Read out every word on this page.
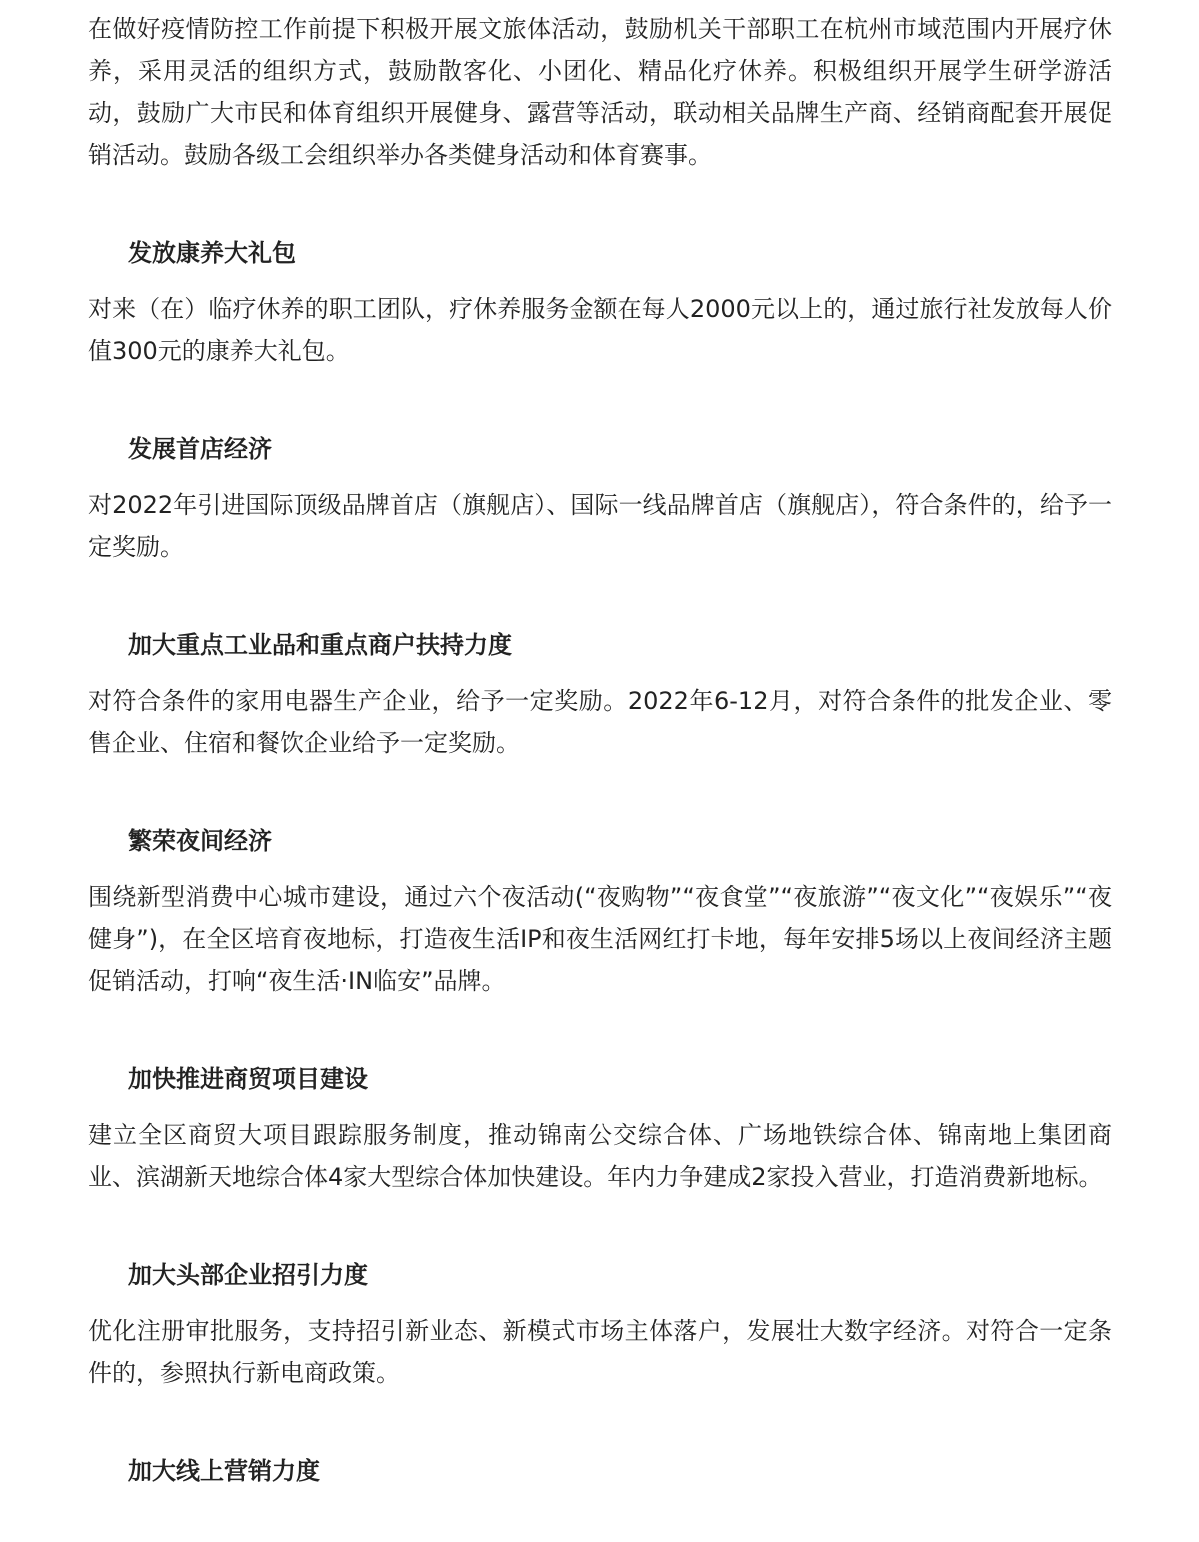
在做好疫情防控工作前提下积极开展文旅体活动，鼓励机关干部职工在杭州市域范围内开展疗休养，采用灵活的组织方式，鼓励散客化、小团化、精品化疗休养。积极组织开展学生研学游活动，鼓励广大市民和体育组织开展健身、露营等活动，联动相关品牌生产商、经销商配套开展促销活动。鼓励各级工会组织举办各类健身活动和体育赛事。

发放康养大礼包

对来（在）临疗休养的职工团队，疗休养服务金额在每人2000元以上的，通过旅行社发放每人价值300元的康养大礼包。

发展首店经济

对2022年引进国际顶级品牌首店（旗舰店）、国际一线品牌首店（旗舰店），符合条件的，给予一定奖励。

加大重点工业品和重点商户扶持力度

对符合条件的家用电器生产企业，给予一定奖励。2022年6-12月，对符合条件的批发企业、零售企业、住宿和餐饮企业给予一定奖励。

繁荣夜间经济

围绕新型消费中心城市建设，通过六个夜活动(“夜购物”“夜食堂”“夜旅游”“夜文化”“夜娱乐”“夜健身”)，在全区培育夜地标，打造夜生活IP和夜生活网红打卡地，每年安排5场以上夜间经济主题促销活动，打响“夜生活·IN临安”品牌。

加快推进商贸项目建设

建立全区商贸大项目跟踪服务制度，推动锦南公交综合体、广场地铁综合体、锦南地上集团商业、滨湖新天地综合体4家大型综合体加快建设。年内力争建成2家投入营业，打造消费新地标。

加大头部企业招引力度

优化注册审批服务，支持招引新业态、新模式市场主体落户，发展壮大数字经济。对符合一定条件的，参照执行新电商政策。

加大线上营销力度
